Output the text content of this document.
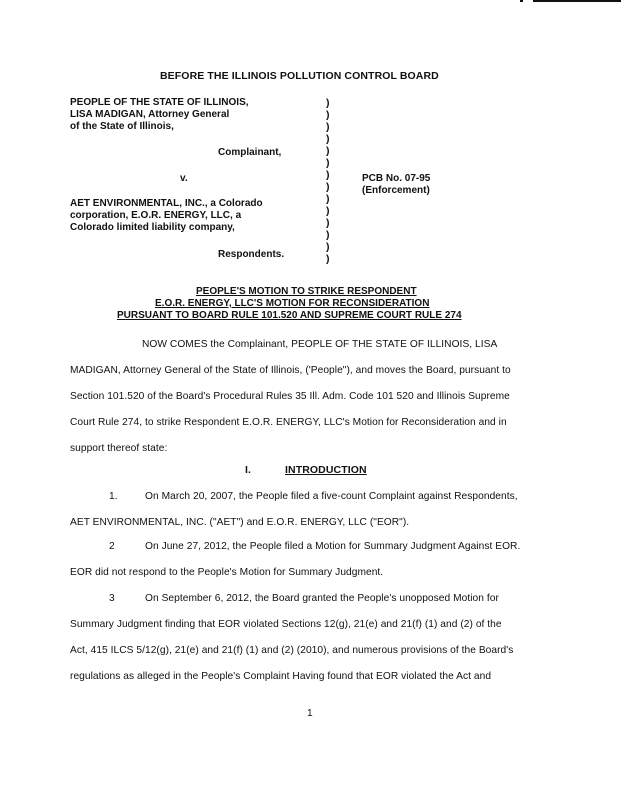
BEFORE THE ILLINOIS POLLUTION CONTROL BOARD
PEOPLE OF THE STATE OF ILLINOIS,
LISA MADIGAN, Attorney General
of the State of Illinois,
Complainant,
v.
AET ENVIRONMENTAL, INC., a Colorado
corporation, E.O.R. ENERGY, LLC, a
Colorado limited liability company,
Respondents.
)
)
)
)
)
)
)
)
)
)
)
)
)
)
PCB No. 07-95
(Enforcement)
PEOPLE'S MOTION TO STRIKE RESPONDENT
E.O.R. ENERGY, LLC'S MOTION FOR RECONSIDERATION
PURSUANT TO BOARD RULE 101.520 AND SUPREME COURT RULE 274
NOW COMES the Complainant, PEOPLE OF THE STATE OF ILLINOIS, LISA
MADIGAN, Attorney General of the State of Illinois, ('People"), and moves the Board, pursuant to
Section 101.520 of the Board's Procedural Rules 35 Ill. Adm. Code 101 520 and Illinois Supreme
Court Rule 274, to strike Respondent E.O.R. ENERGY, LLC's Motion for Reconsideration and in
support thereof state:
I.	INTRODUCTION
1.	On March 20, 2007, the People filed a five-count Complaint against Respondents,
AET ENVIRONMENTAL, INC. ("AET") and E.O.R. ENERGY, LLC ("EOR").
2	On June 27, 2012, the People filed a Motion for Summary Judgment Against EOR.
EOR did not respond to the People's Motion for Summary Judgment.
3	On September 6, 2012, the Board granted the People's unopposed Motion for
Summary Judgment finding that EOR violated Sections 12(g), 21(e) and 21(f) (1) and (2) of the
Act, 415 ILCS 5/12(g), 21(e) and 21(f) (1) and (2) (2010), and numerous provisions of the Board's
regulations as alleged in the People's Complaint Having found that EOR violated the Act and
1
